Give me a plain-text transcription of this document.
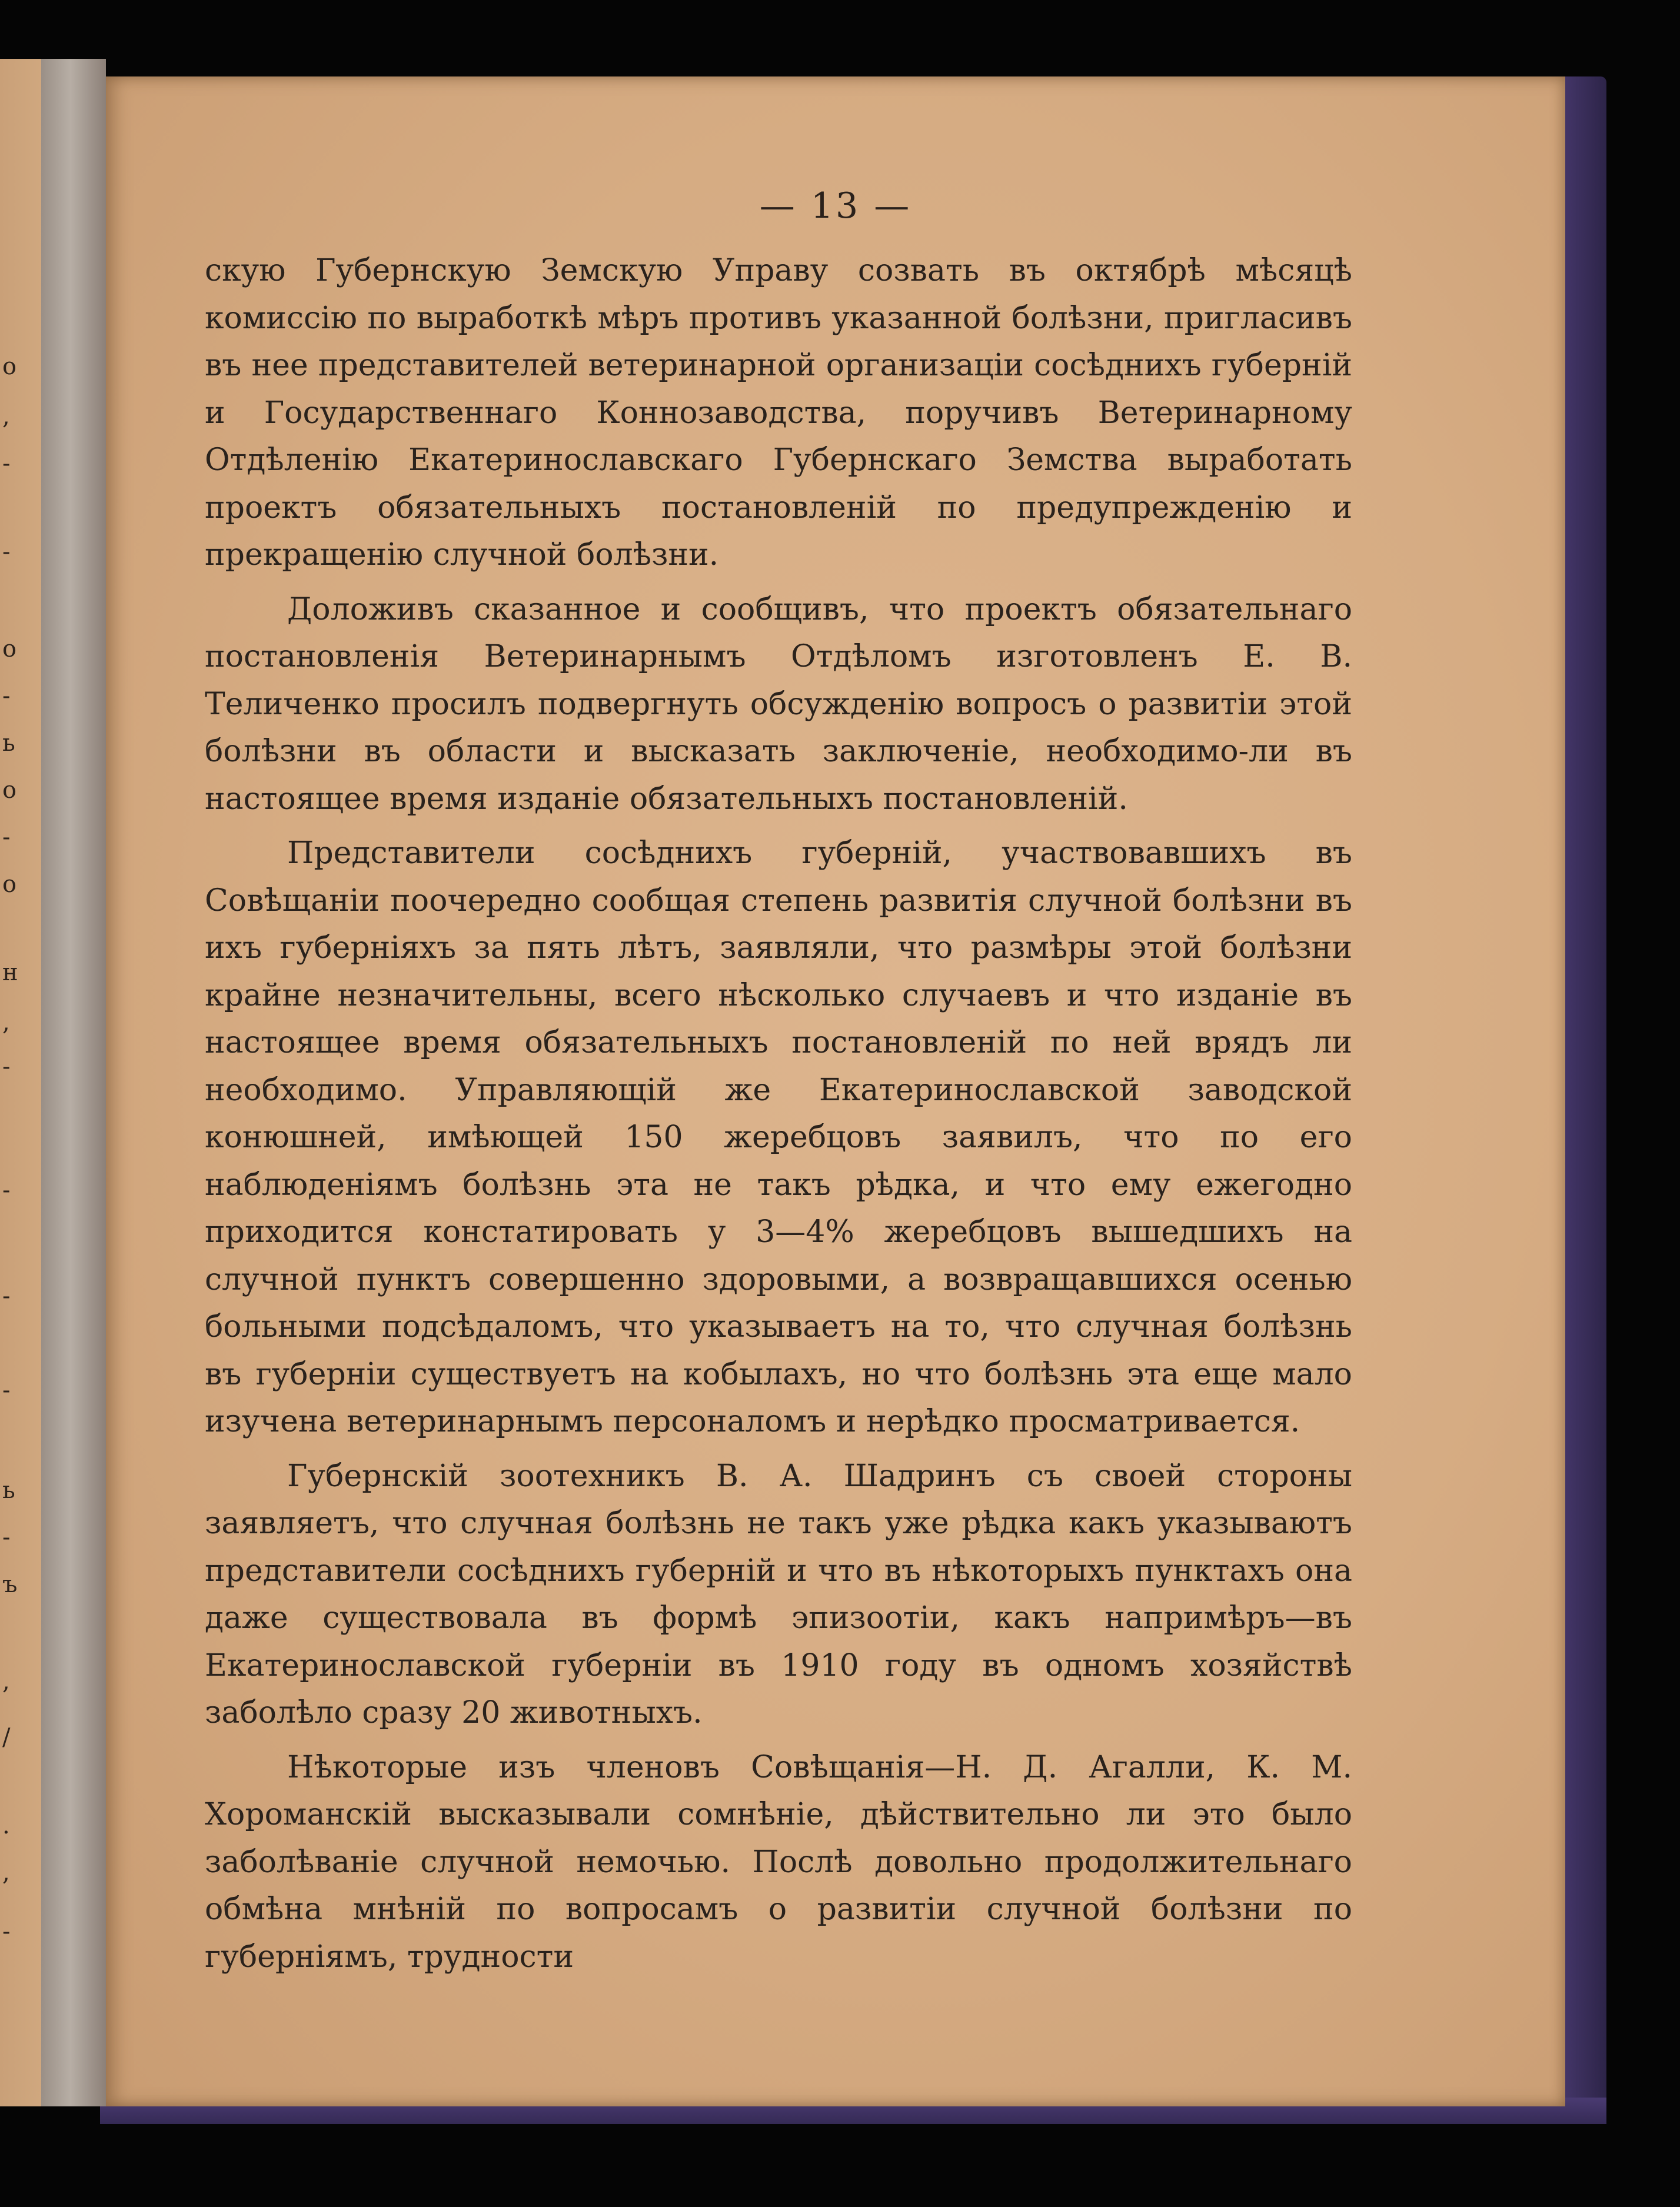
о
,
-
-
о
-
ь
о
-
о
н
,
-
-
-
-
ь
-
ъ
,
/
.
,
-
— 13 —

скую Губернскую Земскую Управу созвать въ октябрѣ мѣсяцѣ комиссію по выработкѣ мѣръ противъ указанной болѣзни, пригласивъ въ нее представителей ветеринарной организаціи сосѣднихъ губерній и Государственнаго Коннозаводства, поручивъ Ветеринарному Отдѣленію Екатеринославскаго Губернскаго Земства выработать проектъ обязательныхъ постановленій по предупрежденію и прекращенію случной болѣзни.

Доложивъ сказанное и сообщивъ, что проектъ обязательнаго постановленія Ветеринарнымъ Отдѣломъ изготовленъ Е. В. Теличенко просилъ подвергнуть обсужденію вопросъ о развитіи этой болѣзни въ области и высказать заключеніе, необходимо-ли въ настоящее время изданіе обязательныхъ постановленій.

Представители сосѣднихъ губерній, участвовавшихъ въ Совѣщаніи поочередно сообщая степень развитія случной болѣзни въ ихъ губерніяхъ за пять лѣтъ, заявляли, что размѣры этой болѣзни крайне незначительны, всего нѣсколько случаевъ и что изданіе въ настоящее время обязательныхъ постановленій по ней врядъ ли необходимо. Управляющій же Екатеринославской заводской конюшней, имѣющей 150 жеребцовъ заявилъ, что по его наблюденіямъ болѣзнь эта не такъ рѣдка, и что ему ежегодно приходится констатировать у 3—4% жеребцовъ вышедшихъ на случной пунктъ совершенно здоровыми, а возвращавшихся осенью больными подсѣдаломъ, что указываетъ на то, что случная болѣзнь въ губерніи существуетъ на кобылахъ, но что болѣзнь эта еще мало изучена ветеринарнымъ персоналомъ и нерѣдко просматривается.

Губернскій зоотехникъ В. А. Шадринъ съ своей стороны заявляетъ, что случная болѣзнь не такъ уже рѣдка какъ указываютъ представители сосѣднихъ губерній и что въ нѣкоторыхъ пунктахъ она даже существовала въ формѣ эпизоотіи, какъ напримѣръ—въ Екатеринославской губерніи въ 1910 году въ одномъ хозяйствѣ заболѣло сразу 20 животныхъ.

Нѣкоторые изъ членовъ Совѣщанія—Н. Д. Агалли, К. М. Хороманскій высказывали сомнѣніе, дѣйствительно ли это было заболѣваніе случной немочью. Послѣ довольно продолжительнаго обмѣна мнѣній по вопросамъ о развитіи случной болѣзни по губерніямъ, трудности
